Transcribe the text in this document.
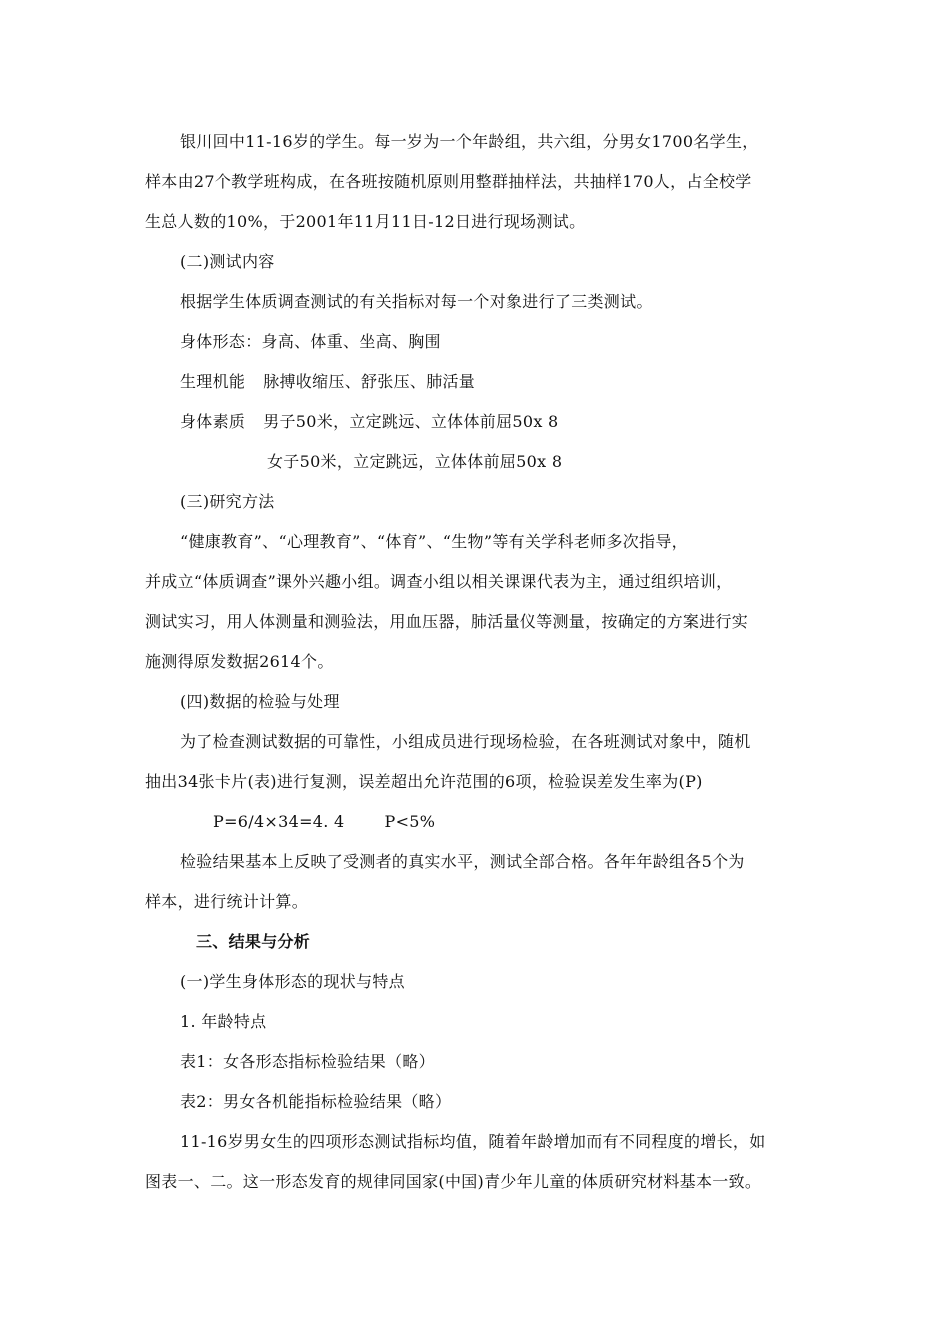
银川回中11-16岁的学生。每一岁为一个年龄组，共六组，分男女1700名学生，

样本由27个教学班构成，在各班按随机原则用整群抽样法，共抽样170人，占全校学

生总人数的10%，于2001年11月11日-12日进行现场测试。

(二)测试内容

根据学生体质调查测试的有关指标对每一个对象进行了三类测试。

身体形态：身高、体重、坐高、胸围

生理机能 脉搏收缩压、舒张压、肺活量

身体素质 男子50米，立定跳远、立体体前屈50x 8

女子50米，立定跳远，立体体前屈50x 8

(三)研究方法

“健康教育”、“心理教育”、“体育”、“生物”等有关学科老师多次指导，

并成立“体质调查”课外兴趣小组。调查小组以相关课课代表为主，通过组织培训，

测试实习，用人体测量和测验法，用血压器，肺活量仪等测量，按确定的方案进行实

施测得原发数据2614个。

(四)数据的检验与处理

为了检查测试数据的可靠性，小组成员进行现场检验，在各班测试对象中，随机

抽出34张卡片(表)进行复测，误差超出允许范围的6项，检验误差发生率为(P)

P=6/4×34=4. 4	P<5%

检验结果基本上反映了受测者的真实水平，测试全部合格。各年年龄组各5个为

样本，进行统计计算。

三、结果与分析

(一)学生身体形态的现状与特点

1. 年龄特点

表1：女各形态指标检验结果（略）

表2：男女各机能指标检验结果（略）

11-16岁男女生的四项形态测试指标均值，随着年龄增加而有不同程度的增长，如

图表一、二。这一形态发育的规律同国家(中国)青少年儿童的体质研究材料基本一致。
